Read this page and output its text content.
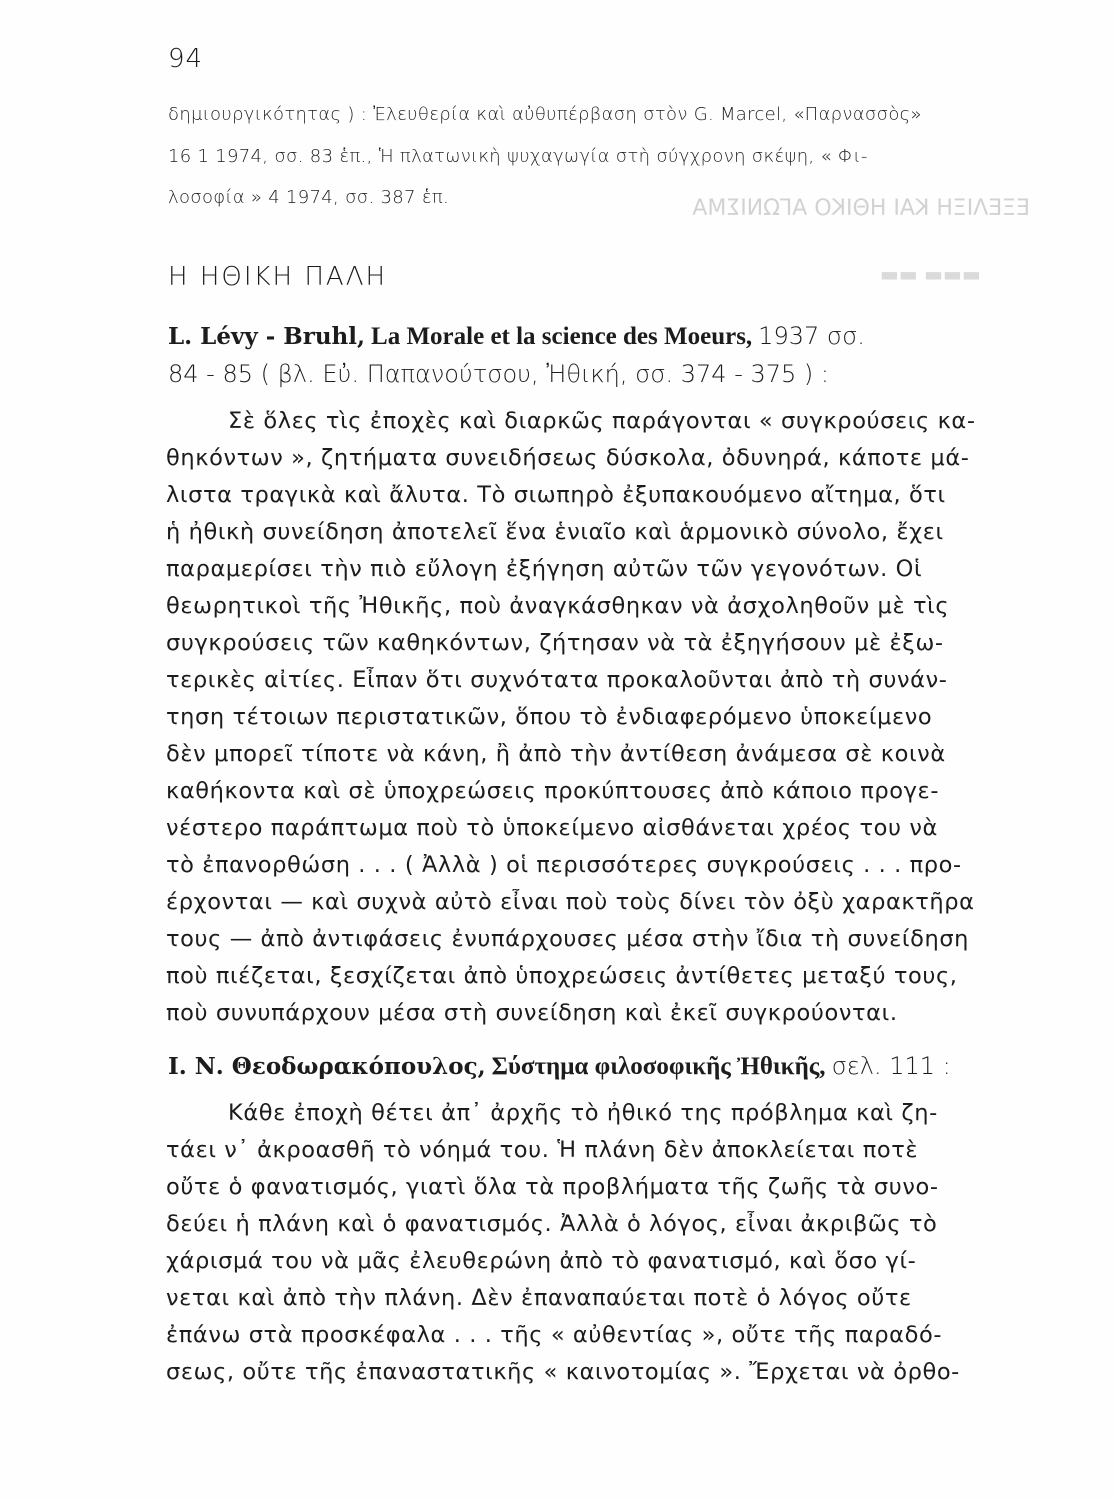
ΕΞΕΛΙΞΗ ΚΑΙ ΗΘΙΚΟ ΑΓΩΝΙΣΜΑ
▬▬ ▬▬▬
94
δημιουργικότητας ) : Ἐλευθερία καὶ αὐθυπέρβαση στὸν G. Marcel, «Παρνασσὸς»
16 1 1974, σσ. 83 ἑπ., Ἡ πλατωνικὴ ψυχαγωγία στὴ σύγχρονη σκέψη, « Φι-
λοσοφία » 4 1974, σσ. 387 ἑπ.
Η ΗΘΙΚΗ ΠΑΛΗ
L. Lévy - Bruhl, La Morale et la science des Moeurs, 1937 σσ.
84 - 85 ( βλ. Εὐ. Παπανούτσου, Ἠθική, σσ. 374 - 375 ) :
Σὲ ὅλες τὶς ἐποχὲς καὶ διαρκῶς παράγονται « συγκρούσεις κα-
θηκόντων », ζητήματα συνειδήσεως δύσκολα, ὀδυνηρά, κάποτε μά-
λιστα τραγικὰ καὶ ἄλυτα. Τὸ σιωπηρὸ ἐξυπακουόμενο αἴτημα, ὅτι
ἡ ἠθικὴ συνείδηση ἀποτελεῖ ἕνα ἑνιαῖο καὶ ἁρμονικὸ σύνολο, ἔχει
παραμερίσει τὴν πιὸ εὔλογη ἐξήγηση αὐτῶν τῶν γεγονότων. Οἱ
θεωρητικοὶ τῆς Ἠθικῆς, ποὺ ἀναγκάσθηκαν νὰ ἀσχοληθοῦν μὲ τὶς
συγκρούσεις τῶν καθηκόντων, ζήτησαν νὰ τὰ ἐξηγήσουν μὲ ἐξω-
τερικὲς αἰτίες. Εἶπαν ὅτι συχνότατα προκαλοῦνται ἀπὸ τὴ συνάν-
τηση τέτοιων περιστατικῶν, ὅπου τὸ ἐνδιαφερόμενο ὑποκείμενο
δὲν μπορεῖ τίποτε νὰ κάνη, ἢ ἀπὸ τὴν ἀντίθεση ἀνάμεσα σὲ κοινὰ
καθήκοντα καὶ σὲ ὑποχρεώσεις προκύπτουσες ἀπὸ κάποιο προγε-
νέστερο παράπτωμα ποὺ τὸ ὑποκείμενο αἰσθάνεται χρέος του νὰ
τὸ ἐπανορθώση . . . ( Ἀλλὰ ) οἱ περισσότερες συγκρούσεις . . . προ-
έρχονται — καὶ συχνὰ αὐτὸ εἶναι ποὺ τοὺς δίνει τὸν ὀξὺ χαρακτῆρα
τους — ἀπὸ ἀντιφάσεις ἐνυπάρχουσες μέσα στὴν ἴδια τὴ συνείδηση
ποὺ πιέζεται, ξεσχίζεται ἀπὸ ὑποχρεώσεις ἀντίθετες μεταξύ τους,
ποὺ συνυπάρχουν μέσα στὴ συνείδηση καὶ ἐκεῖ συγκρούονται.
Ι. Ν. Θεοδωρακόπουλος, Σύστημα φιλοσοφικῆς Ἠθικῆς, σελ. 111 :
Κάθε ἐποχὴ θέτει ἀπ᾽ ἀρχῆς τὸ ἠθικό της πρόβλημα καὶ ζη-
τάει ν᾽ ἀκροασθῆ τὸ νόημά του. Ἡ πλάνη δὲν ἀποκλείεται ποτὲ
οὔτε ὁ φανατισμός, γιατὶ ὅλα τὰ προβλήματα τῆς ζωῆς τὰ συνο-
δεύει ἡ πλάνη καὶ ὁ φανατισμός. Ἀλλὰ ὁ λόγος, εἶναι ἀκριβῶς τὸ
χάρισμά του νὰ μᾶς ἐλευθερώνη ἀπὸ τὸ φανατισμό, καὶ ὅσο γί-
νεται καὶ ἀπὸ τὴν πλάνη. Δὲν ἐπαναπαύεται ποτὲ ὁ λόγος οὔτε
ἐπάνω στὰ προσκέφαλα . . . τῆς « αὐθεντίας », οὔτε τῆς παραδό-
σεως, οὔτε τῆς ἐπαναστατικῆς « καινοτομίας ». Ἔρχεται νὰ ὀρθο-
